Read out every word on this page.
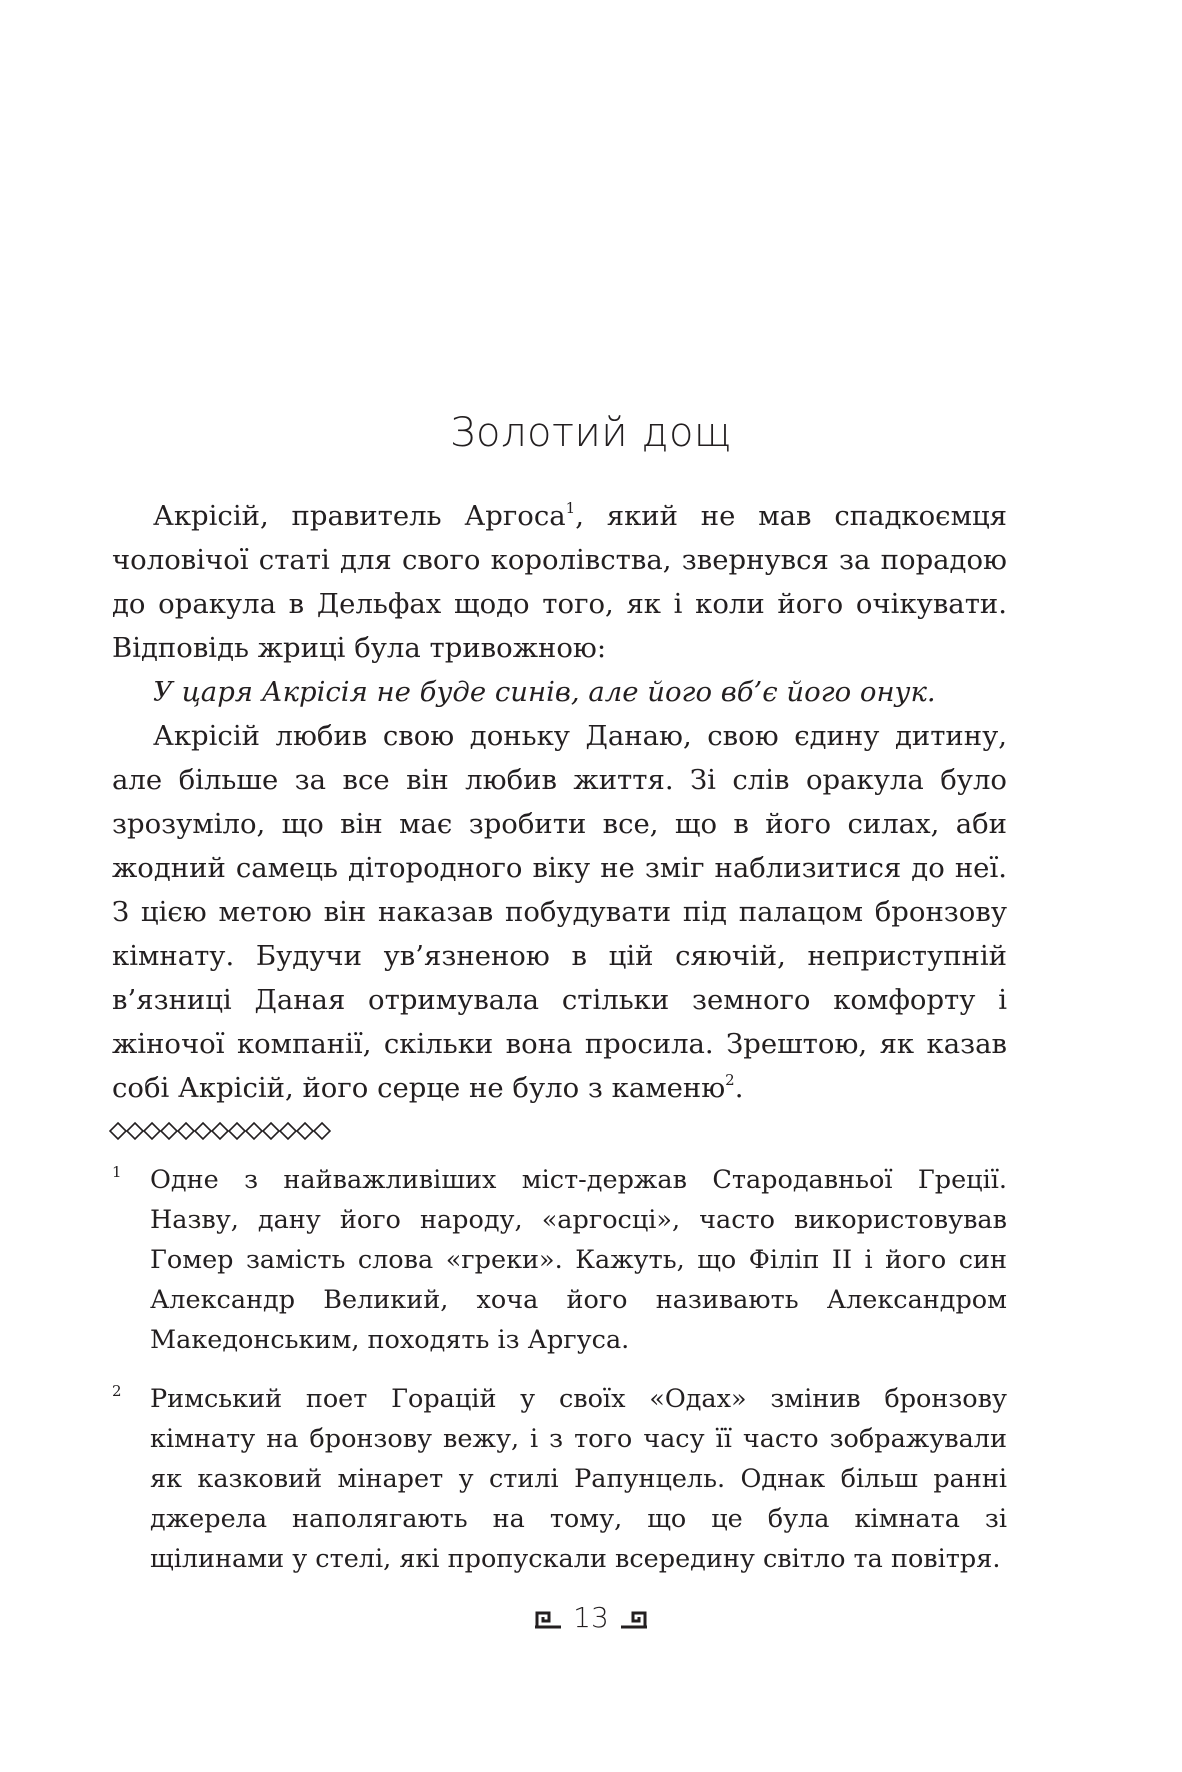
Золотий дощ

Акрісій, правитель Аргоса$^1$, який не мав спадкоємця чоловічої статі для свого королівства, звернувся за порадою до оракула в Дельфах щодо того, як і коли його очікувати. Відповідь жриці була тривожною:

У царя Акрісія не буде синів, але його вб’є його онук.

Акрісій любив свою доньку Данаю, свою єдину дитину, але більше за все він любив життя. Зі слів оракула було зрозуміло, що він має зробити все, що в його силах, аби жодний самець дітородного віку не зміг наблизитися до неї. З цією метою він наказав побудувати під палацом бронзову кімнату. Будучи ув’язненою в цій сяючій, неприступній в’язниці Даная отримувала стільки земного комфорту і жіночої компанії, скільки вона просила. Зрештою, як казав собі Акрісій, його серце не було з каменю$^2$.

1 Одне з найважливіших міст-держав Стародавньої Греції. Назву, дану його народу, «аргосці», часто використовував Гомер замість слова «греки». Кажуть, що Філіп II і його син Александр Великий, хоча його називають Александром Македонським, походять із Аргуса.
2 Римський поет Горацій у своїх «Одах» змінив бронзову кімнату на бронзову вежу, і з того часу її часто зображували як казковий мінарет у стилі Рапунцель. Однак більш ранні джерела наполягають на тому, що це була кімната зі щілинами у стелі, які пропускали всередину світло та повітря.
13
